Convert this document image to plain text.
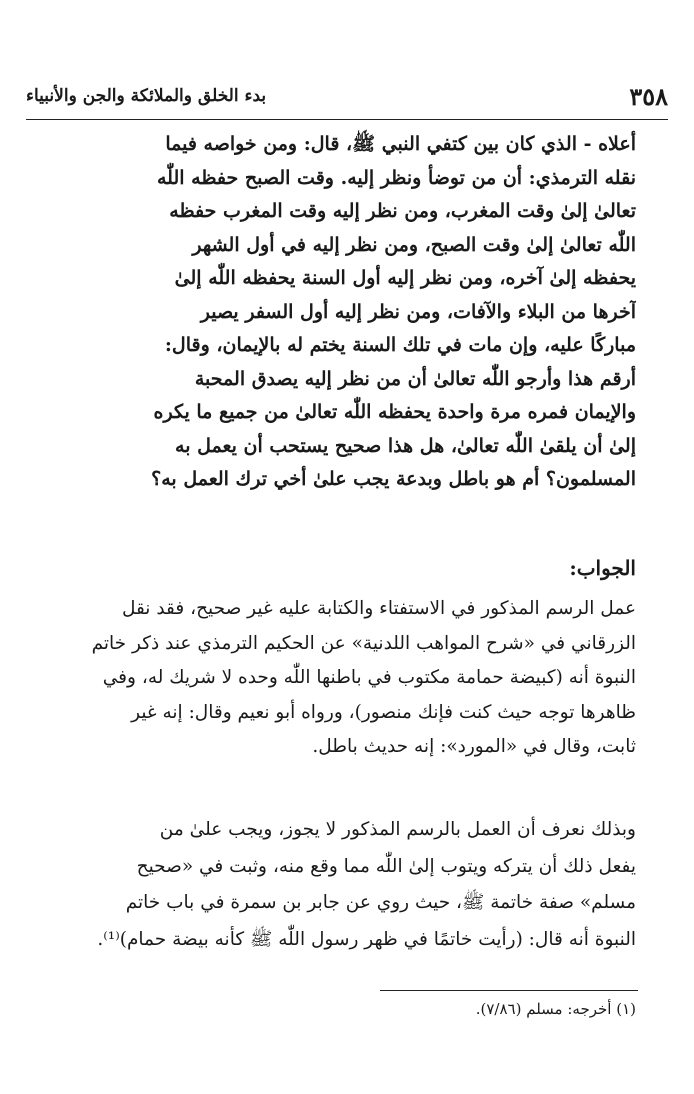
٣٥٨
بدء الخلق والملائكة والجن والأنبياء
أعلاه - الذي كان بين كتفي النبي ﷺ، قال: ومن خواصه فيما
نقله الترمذي: أن من توضأ ونظر إليه. وقت الصبح حفظه اللّٰه
تعالىٰ إلىٰ وقت المغرب، ومن نظر إليه وقت المغرب حفظه
اللّٰه تعالىٰ إلىٰ وقت الصبح، ومن نظر إليه في أول الشهر
يحفظه إلىٰ آخره، ومن نظر إليه أول السنة يحفظه اللّٰه إلىٰ
آخرها من البلاء والآفات، ومن نظر إليه أول السفر يصير
مباركًا عليه، وإن مات في تلك السنة يختم له بالإيمان، وقال:
أرقم هذا وأرجو اللّٰه تعالىٰ أن من نظر إليه يصدق المحبة
والإيمان فمره مرة واحدة يحفظه اللّٰه تعالىٰ من جميع ما يكره
إلىٰ أن يلقىٰ اللّٰه تعالىٰ، هل هذا صحيح يستحب أن يعمل به
المسلمون؟ أم هو باطل وبدعة يجب علىٰ أخي ترك العمل به؟
الجواب:
عمل الرسم المذكور في الاستفتاء والكتابة عليه غير صحيح، فقد نقل
الزرقاني في «شرح المواهب اللدنية» عن الحكيم الترمذي عند ذكر خاتم
النبوة أنه (كبيضة حمامة مكتوب في باطنها اللّٰه وحده لا شريك له، وفي
ظاهرها توجه حيث كنت فإنك منصور)، ورواه أبو نعيم وقال: إنه غير
ثابت، وقال في «المورد»: إنه حديث باطل.
وبذلك نعرف أن العمل بالرسم المذكور لا يجوز، ويجب علىٰ من
يفعل ذلك أن يتركه ويتوب إلىٰ اللّٰه مما وقع منه، وثبت في «صحيح
مسلم» صفة خاتمة ﷺ، حيث روي عن جابر بن سمرة في باب خاتم
النبوة أنه قال: (رأيت خاتمًا في ظهر رسول اللّٰه ﷺ كأنه بيضة حمام)⁽¹⁾.
(١) أخرجه: مسلم (٧/٨٦).
